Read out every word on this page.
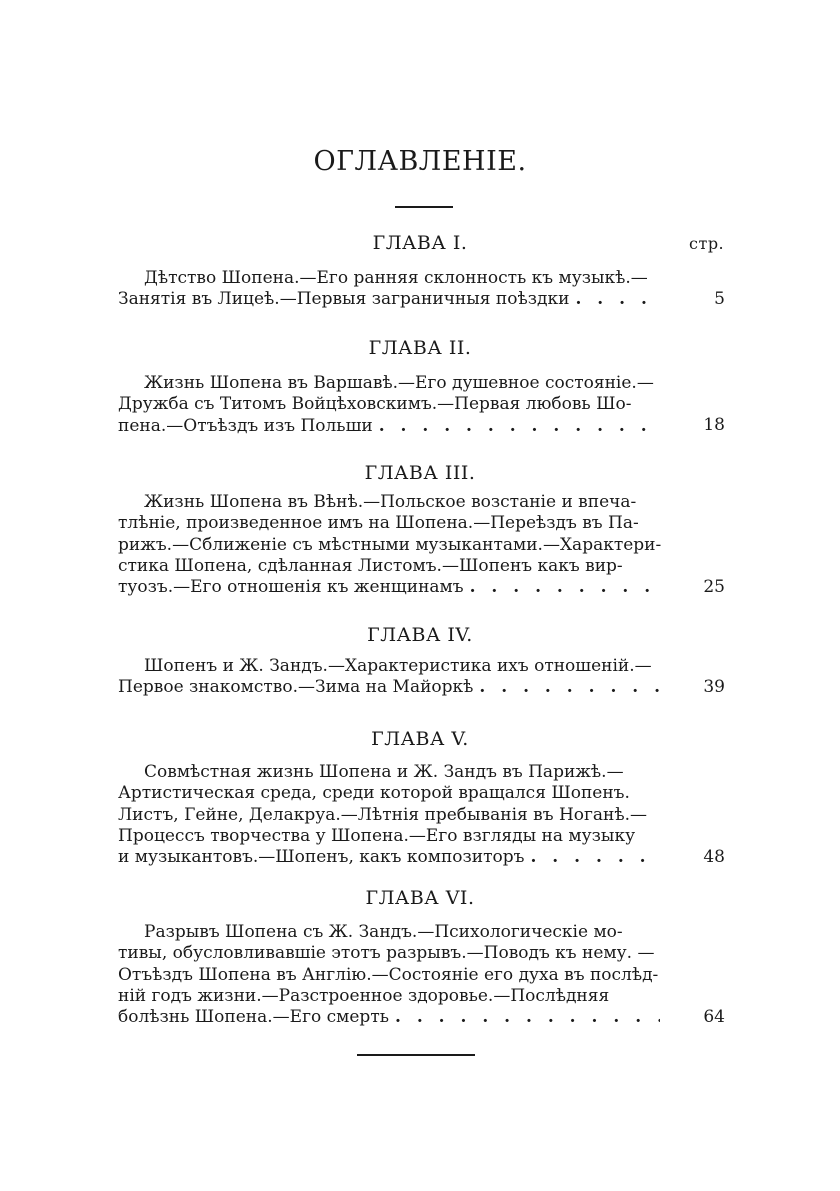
ОГЛАВЛЕНІЕ.
стр.
ГЛАВА I.
Дѣтство Шопена.—Его ранняя склонность къ музыкѣ.—
Занятія въ Лицеѣ.—Первыя заграничныя поѣздки . . .	5
ГЛАВА II.
Жизнь Шопена въ Варшавѣ.—Его душевное состояніе.—
Дружба съ Титомъ Войцѣховскимъ.—Первая любовь Шо-
пена.—Отъѣздъ изъ Польши . . .	18
ГЛАВА III.
Жизнь Шопена въ Вѣнѣ.—Польское возстаніе и впеча-
тлѣніе, произведенное имъ на Шопена.—Переѣздъ въ Па-
рижъ.—Сближеніе съ мѣстными музыкантами.—Характери-
стика Шопена, сдѣланная Листомъ.—Шопенъ какъ вир-
туозъ.—Его отношенія къ женщинамъ . . .	25
ГЛАВА IV.
Шопенъ и Ж. Зандъ.—Характеристика ихъ отношеній.—
Первое знакомство.—Зима на Майоркѣ . . .	39
ГЛАВА V.
Совмѣстная жизнь Шопена и Ж. Зандъ въ Парижѣ.—
Артистическая среда, среди которой вращался Шопенъ.
Листъ, Гейне, Делакруа.—Лѣтнія пребыванія въ Ноганѣ.—
Процессъ творчества у Шопена.—Его взгляды на музыку
и музыкантовъ.—Шопенъ, какъ композиторъ . . .	48
ГЛАВА VI.
Разрывъ Шопена съ Ж. Зандъ.—Психологическіе мо-
тивы, обусловливавшіе этотъ разрывъ.—Поводъ къ нему. —
Отъѣздъ Шопена въ Англію.—Состояніе его духа въ послѣд-
ній годъ жизни.—Разстроенное здоровье.—Послѣдняя
болѣзнь Шопена.—Его смерть . . .	64
